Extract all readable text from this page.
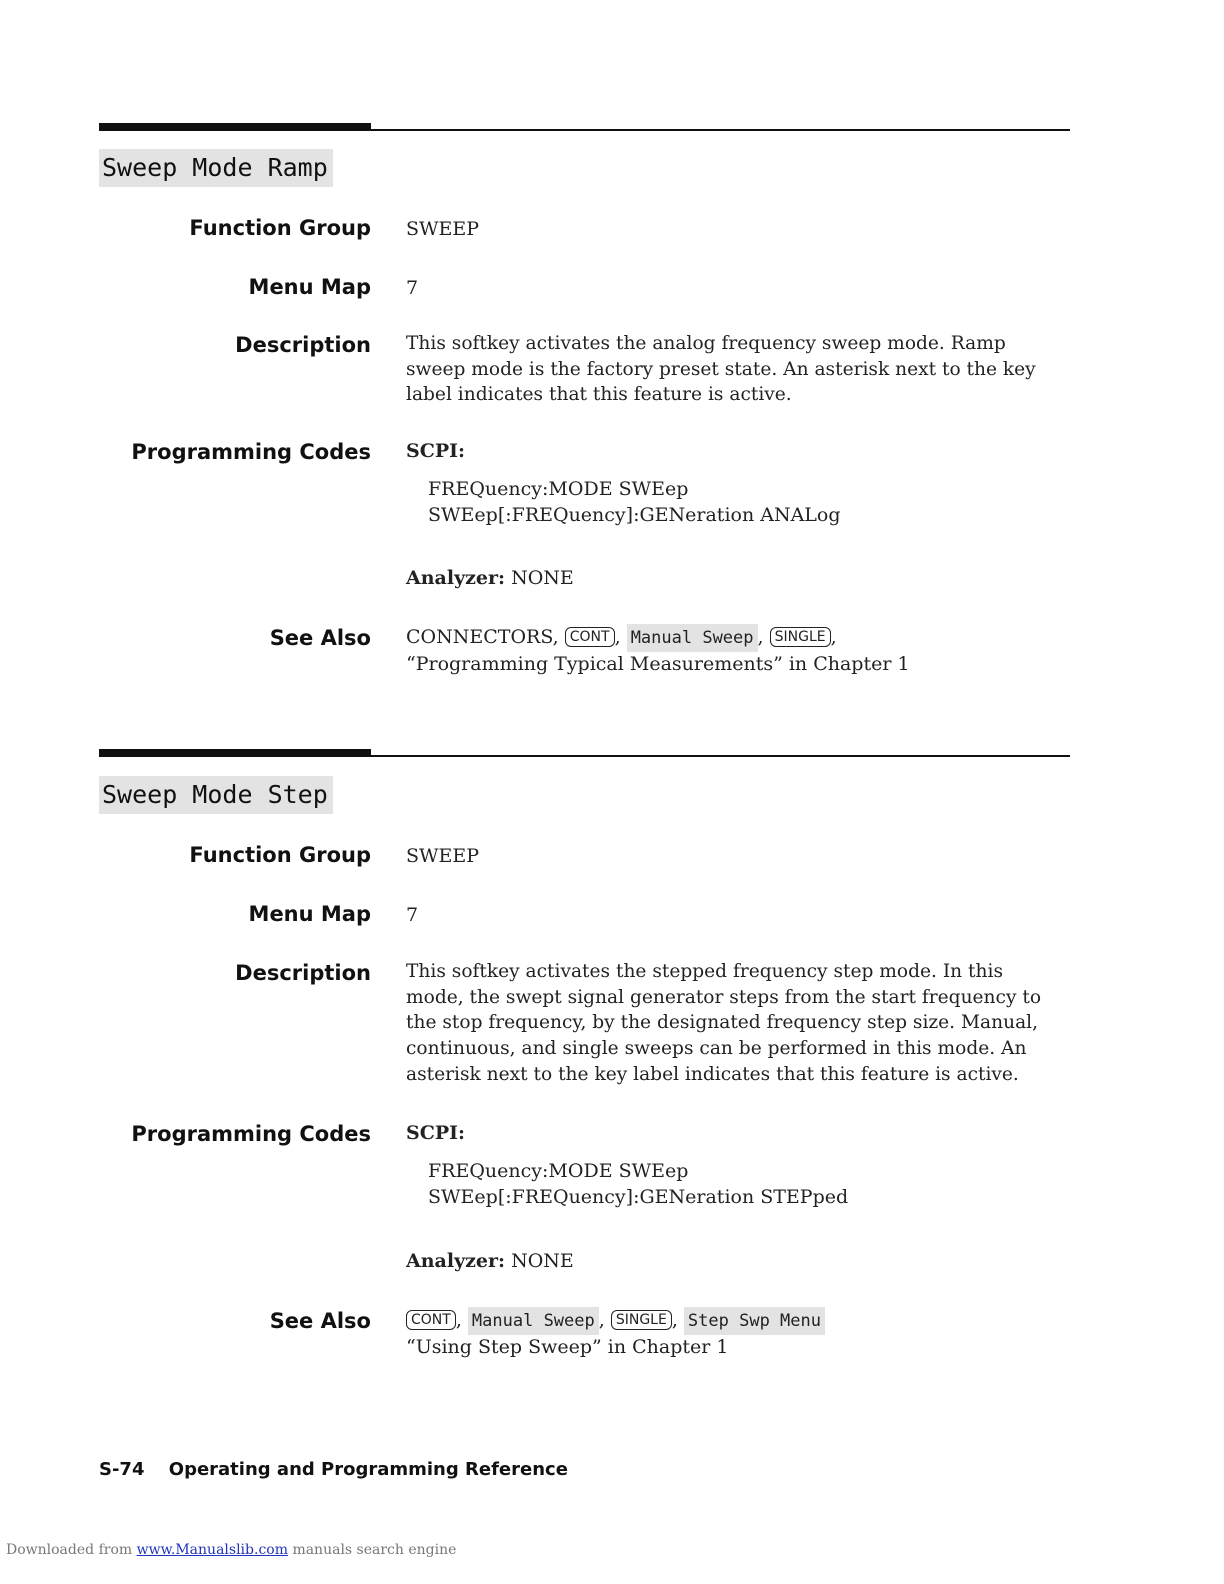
Sweep Mode Ramp
Function Group SWEEP
Menu Map 7
Description This softkey activates the analog frequency sweep mode. Ramp
sweep mode is the factory preset state. An asterisk next to the key
label indicates that this feature is active.
Programming Codes SCPI:
FREQuency:MODE SWEep
SWEep[:FREQuency]:GENeration ANALog
Analyzer: NONE
See Also CONNECTORS, CONT , Manual Sweep , SINGLE ,
“Programming Typical Measurements” in Chapter 1
Sweep Mode Step
Function Group SWEEP
Menu Map 7
Description This softkey activates the stepped frequency step mode. In this
mode, the swept signal generator steps from the start frequency to
the stop frequency, by the designated frequency step size. Manual,
continuous, and single sweeps can be performed in this mode. An
asterisk next to the key label indicates that this feature is active.
Programming Codes SCPI:
FREQuency:MODE SWEep
SWEep[:FREQuency]:GENeration STEPped
Analyzer: NONE
See Also	CONT , Manual Sweep , SINGLE , Step Swp Menu
“Using Step Sweep” in Chapter 1
S-74 Operating and Programming Reference
Downloaded from www.Manualslib.com manuals search engine
